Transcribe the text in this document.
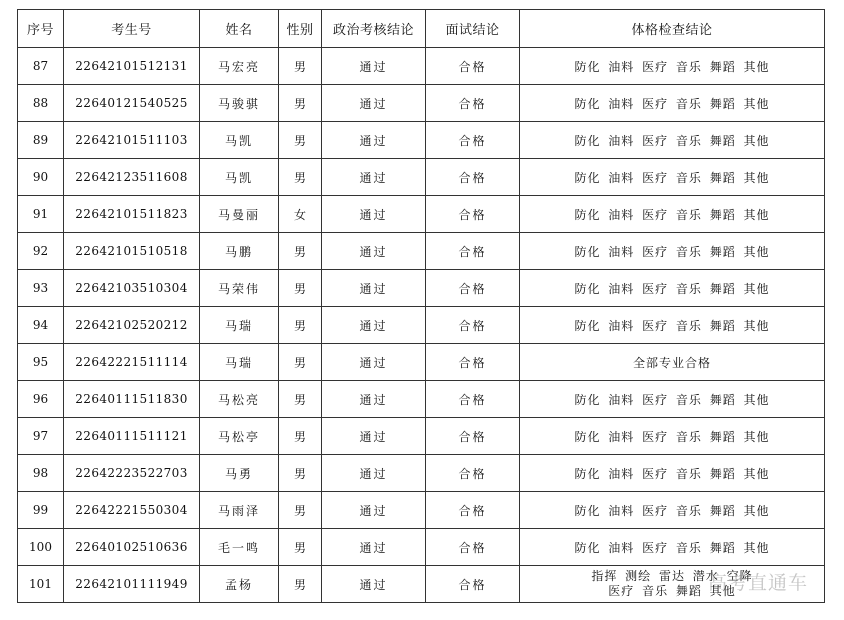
序号	考生号	姓名	性别	政治考核结论	面试结论	体格检查结论
87	22642101512131	马宏亮	男	通过	合格	防化 油料 医疗 音乐 舞蹈 其他
88	22640121540525	马骏骐	男	通过	合格	防化 油料 医疗 音乐 舞蹈 其他
89	22642101511103	马凯	男	通过	合格	防化 油料 医疗 音乐 舞蹈 其他
90	22642123511608	马凯	男	通过	合格	防化 油料 医疗 音乐 舞蹈 其他
91	22642101511823	马曼丽	女	通过	合格	防化 油料 医疗 音乐 舞蹈 其他
92	22642101510518	马鹏	男	通过	合格	防化 油料 医疗 音乐 舞蹈 其他
93	22642103510304	马荣伟	男	通过	合格	防化 油料 医疗 音乐 舞蹈 其他
94	22642102520212	马瑞	男	通过	合格	防化 油料 医疗 音乐 舞蹈 其他
95	22642221511114	马瑞	男	通过	合格	全部专业合格
96	22640111511830	马松亮	男	通过	合格	防化 油料 医疗 音乐 舞蹈 其他
97	22640111511121	马松亭	男	通过	合格	防化 油料 医疗 音乐 舞蹈 其他
98	22642223522703	马勇	男	通过	合格	防化 油料 医疗 音乐 舞蹈 其他
99	22642221550304	马雨泽	男	通过	合格	防化 油料 医疗 音乐 舞蹈 其他
100	22640102510636	毛一鸣	男	通过	合格	防化 油料 医疗 音乐 舞蹈 其他
101	22642101111949	孟杨	男	通过	合格	指挥 测绘 雷达 潜水 空降
医疗 音乐 舞蹈 其他
高考直通车
